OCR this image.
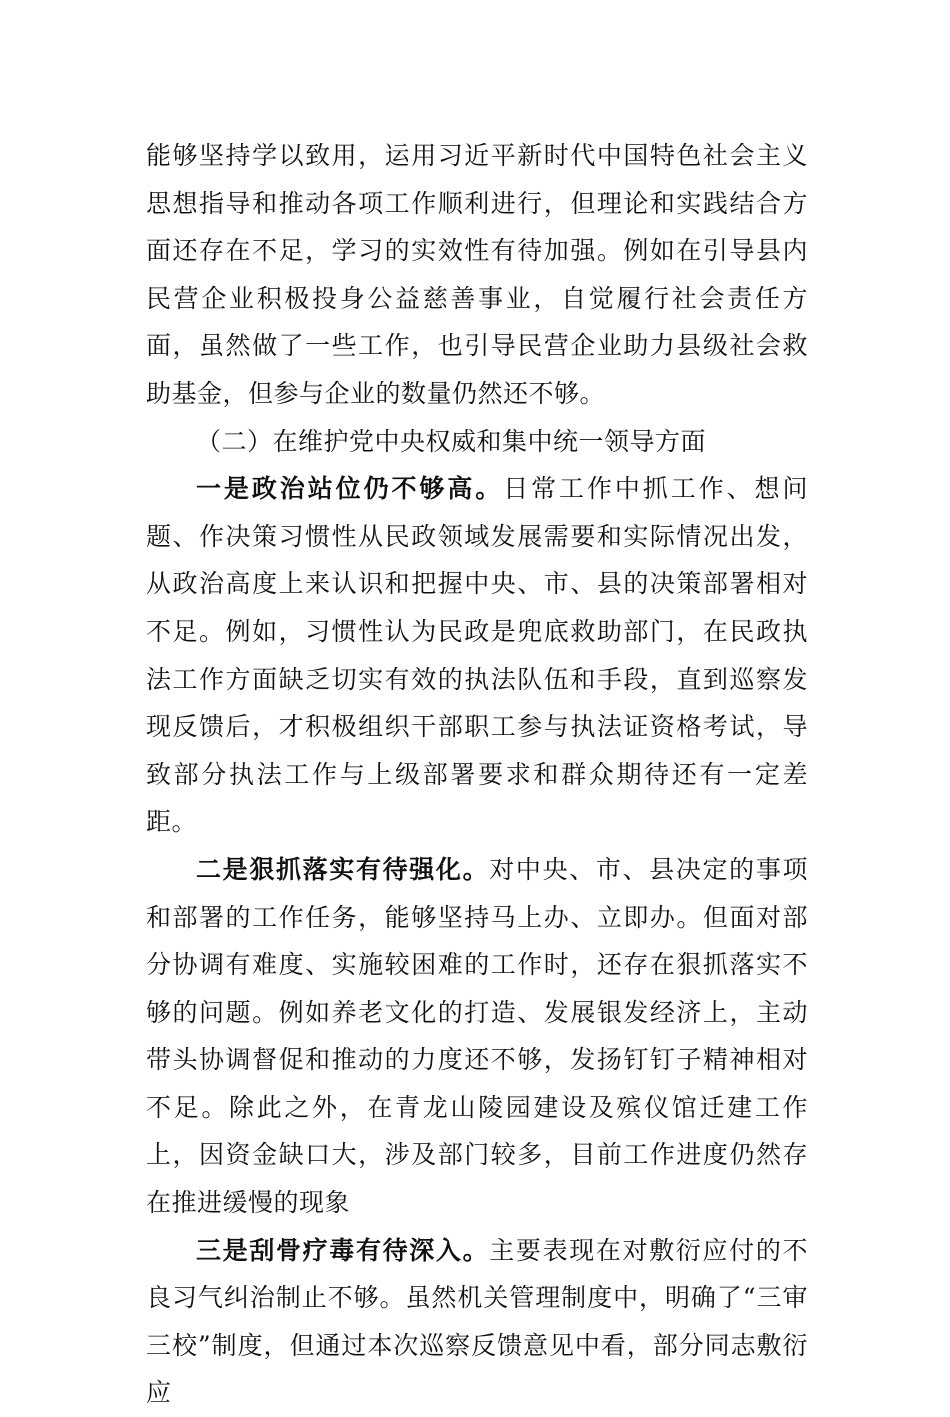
能够坚持学以致用，运用习近平新时代中国特色社会主义思想指导和推动各项工作顺利进行，但理论和实践结合方面还存在不足，学习的实效性有待加强。例如在引导县内民营企业积极投身公益慈善事业，自觉履行社会责任方面，虽然做了一些工作，也引导民营企业助力县级社会救助基金，但参与企业的数量仍然还不够。

（二）在维护党中央权威和集中统一领导方面

一是政治站位仍不够高。日常工作中抓工作、想问题、作决策习惯性从民政领域发展需要和实际情况出发，从政治高度上来认识和把握中央、市、县的决策部署相对不足。例如，习惯性认为民政是兜底救助部门，在民政执法工作方面缺乏切实有效的执法队伍和手段，直到巡察发现反馈后，才积极组织干部职工参与执法证资格考试，导致部分执法工作与上级部署要求和群众期待还有一定差距。

二是狠抓落实有待强化。对中央、市、县决定的事项和部署的工作任务，能够坚持马上办、立即办。但面对部分协调有难度、实施较困难的工作时，还存在狠抓落实不够的问题。例如养老文化的打造、发展银发经济上，主动带头协调督促和推动的力度还不够，发扬钉钉子精神相对不足。除此之外，在青龙山陵园建设及殡仪馆迁建工作上，因资金缺口大，涉及部门较多，目前工作进度仍然存在推进缓慢的现象

三是刮骨疗毒有待深入。主要表现在对敷衍应付的不良习气纠治制止不够。虽然机关管理制度中，明确了“三审三校”制度，但通过本次巡察反馈意见中看，部分同志敷衍应
